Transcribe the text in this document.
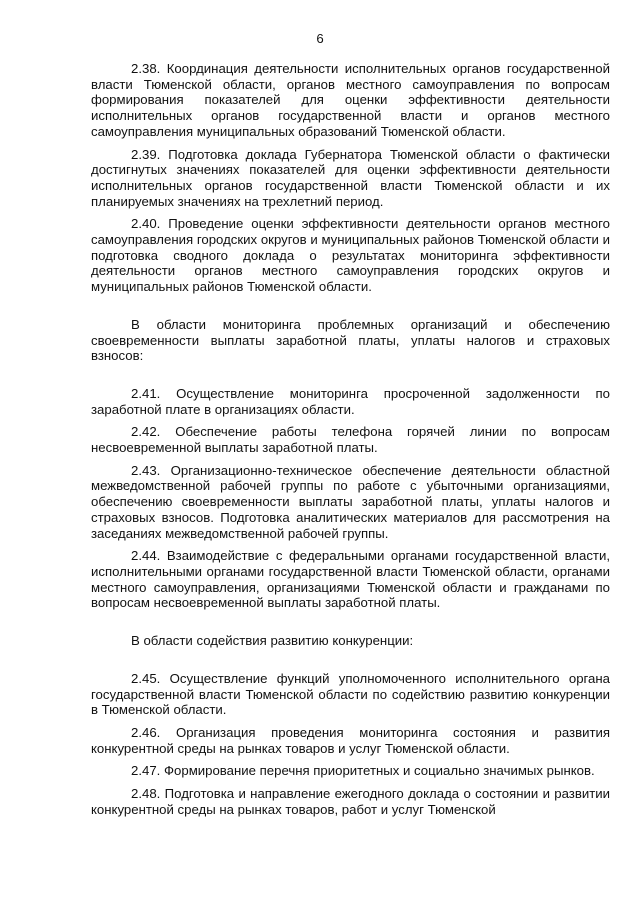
6

2.38. Координация деятельности исполнительных органов государственной власти Тюменской области, органов местного самоуправления по вопросам формирования показателей для оценки эффективности деятельности исполнительных органов государственной власти и органов местного самоуправления муниципальных образований Тюменской области.

2.39. Подготовка доклада Губернатора Тюменской области о фактически достигнутых значениях показателей для оценки эффективности деятельности исполнительных органов государственной власти Тюменской области и их планируемых значениях на трехлетний период.

2.40. Проведение оценки эффективности деятельности органов местного самоуправления городских округов и муниципальных районов Тюменской области и подготовка сводного доклада о результатах мониторинга эффективности деятельности органов местного самоуправления городских округов и муниципальных районов Тюменской области.

В области мониторинга проблемных организаций и обеспечению своевременности выплаты заработной платы, уплаты налогов и страховых взносов:

2.41. Осуществление мониторинга просроченной задолженности по заработной плате в организациях области.

2.42. Обеспечение работы телефона горячей линии по вопросам несвоевременной выплаты заработной платы.

2.43. Организационно-техническое обеспечение деятельности областной межведомственной рабочей группы по работе с убыточными организациями, обеспечению своевременности выплаты заработной платы, уплаты налогов и страховых взносов. Подготовка аналитических материалов для рассмотрения на заседаниях межведомственной рабочей группы.

2.44. Взаимодействие с федеральными органами государственной власти, исполнительными органами государственной власти Тюменской области, органами местного самоуправления, организациями Тюменской области и гражданами по вопросам несвоевременной выплаты заработной платы.

В области содействия развитию конкуренции:

2.45. Осуществление функций уполномоченного исполнительного органа государственной власти Тюменской области по содействию развитию конкуренции в Тюменской области.

2.46. Организация проведения мониторинга состояния и развития конкурентной среды на рынках товаров и услуг Тюменской области.

2.47. Формирование перечня приоритетных и социально значимых рынков.

2.48. Подготовка и направление ежегодного доклада о состоянии и развитии конкурентной среды на рынках товаров, работ и услуг Тюменской
